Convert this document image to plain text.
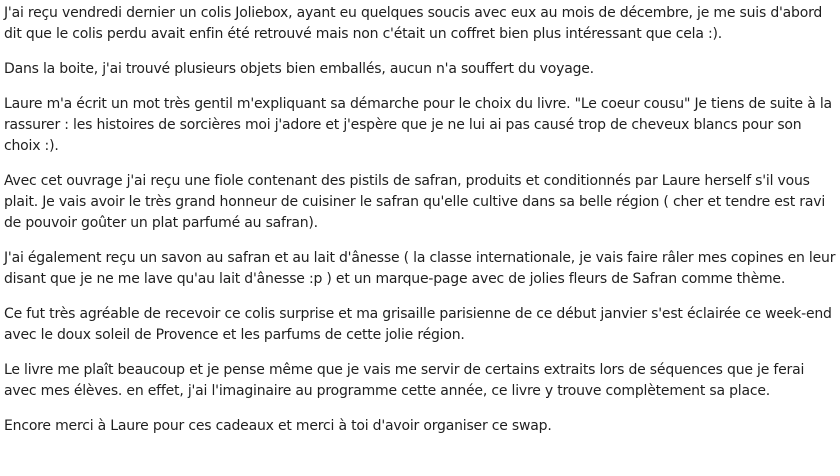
J'ai reçu vendredi dernier un colis Joliebox, ayant eu quelques soucis avec eux au mois de décembre, je me suis d'abord dit que le colis perdu avait enfin été retrouvé mais non c'était un coffret bien plus intéressant que cela :).

Dans la boite, j'ai trouvé plusieurs objets bien emballés, aucun n'a souffert du voyage.

Laure m'a écrit un mot très gentil m'expliquant sa démarche pour le choix du livre. "Le coeur cousu" Je tiens de suite à la rassurer : les histoires de sorcières moi j'adore et j'espère que je ne lui ai pas causé trop de cheveux blancs pour son choix :).

Avec cet ouvrage j'ai reçu une fiole contenant des pistils de safran, produits et conditionnés par Laure herself s'il vous plait. Je vais avoir le très grand honneur de cuisiner le safran qu'elle cultive dans sa belle région ( cher et tendre est ravi de pouvoir goûter un plat parfumé au safran).

J'ai également reçu un savon au safran et au lait d'ânesse ( la classe internationale, je vais faire râler mes copines en leur disant que je ne me lave qu'au lait d'ânesse :p ) et un marque-page avec de jolies fleurs de Safran comme thème.

Ce fut très agréable de recevoir ce colis surprise et ma grisaille parisienne de ce début janvier s'est éclairée ce week-end avec le doux soleil de Provence et les parfums de cette jolie région.

Le livre me plaît beaucoup et je pense même que je vais me servir de certains extraits lors de séquences que je ferai avec mes élèves. en effet, j'ai l'imaginaire au programme cette année, ce livre y trouve complètement sa place.

Encore merci à Laure pour ces cadeaux et merci à toi d'avoir organiser ce swap.
